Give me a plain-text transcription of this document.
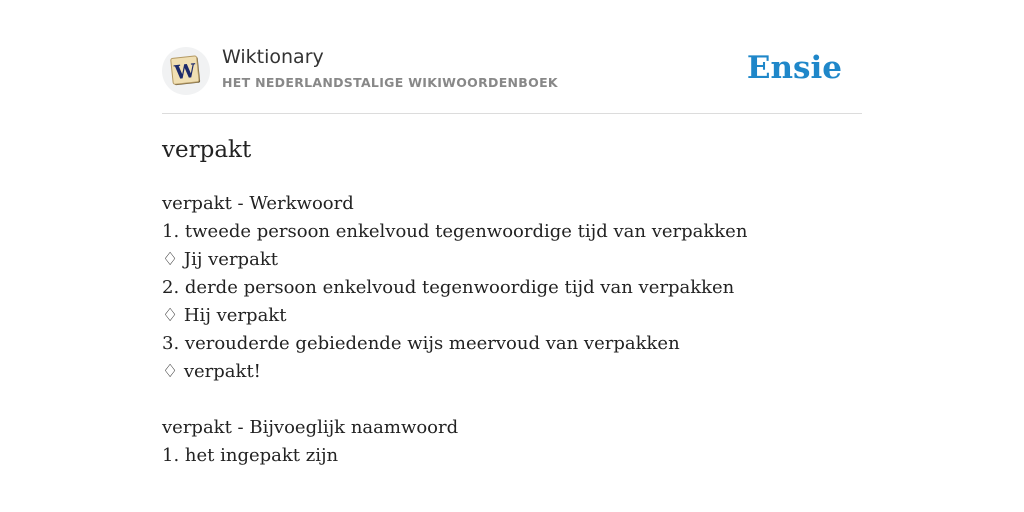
W
Wiktionary
HET NEDERLANDSTALIGE WIKIWOORDENBOEK	Ensie
verpakt
verpakt - Werkwoord
1. tweede persoon enkelvoud tegenwoordige tijd van verpakken
♢ Jij verpakt
2. derde persoon enkelvoud tegenwoordige tijd van verpakken
♢ Hij verpakt
3. verouderde gebiedende wijs meervoud van verpakken
♢ verpakt!
verpakt - Bijvoeglijk naamwoord
1. het ingepakt zijn
